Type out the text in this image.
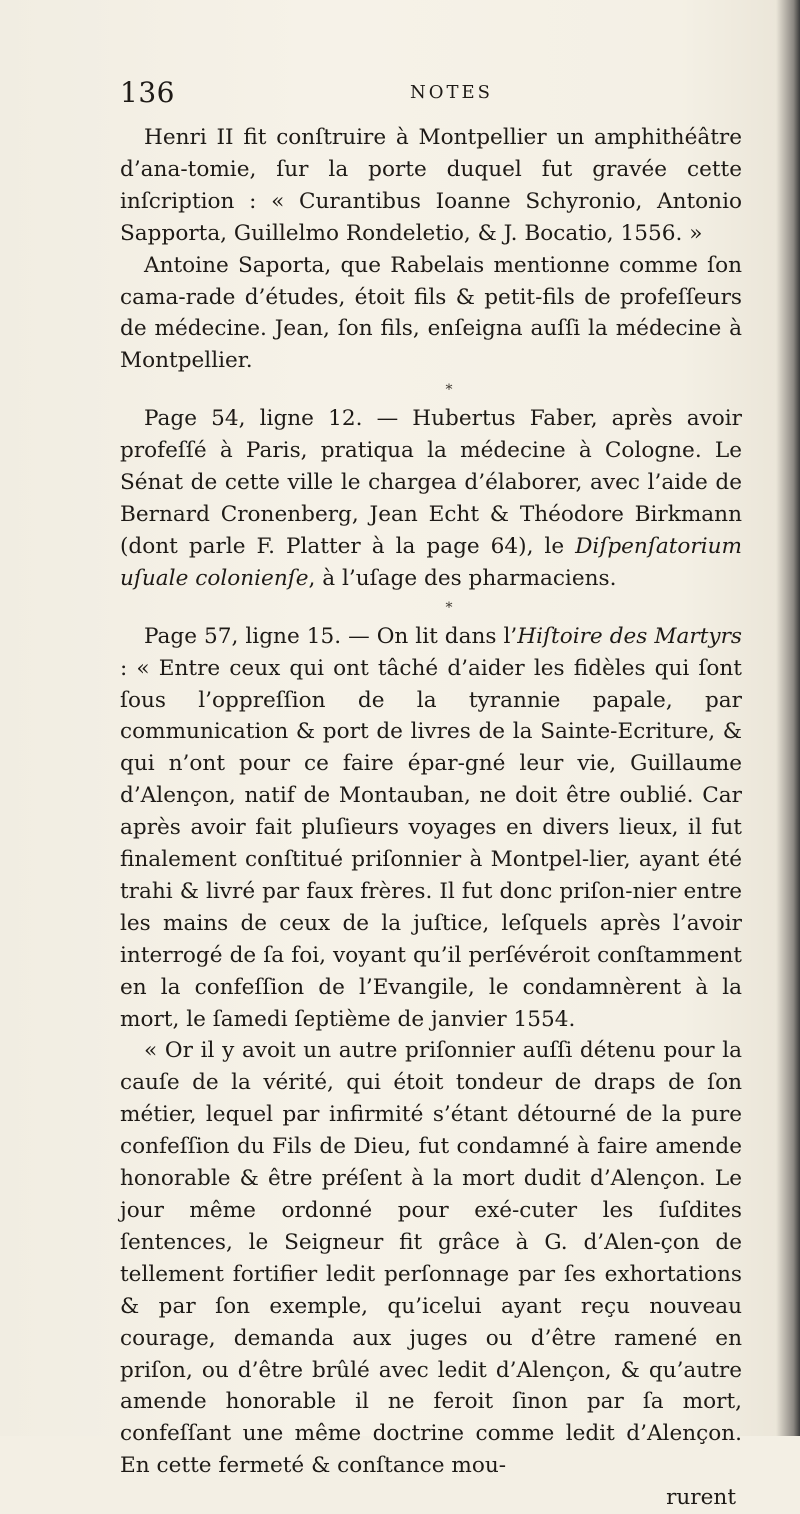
136	NOTES

Henri II fit conſtruire à Montpellier un amphithéâtre d’ana-tomie, ſur la porte duquel fut gravée cette inſcription : « Curantibus Ioanne Schyronio, Antonio Sapporta, Guillelmo Rondeletio, & J. Bocatio, 1556. »

Antoine Saporta, que Rabelais mentionne comme ſon cama-rade d’études, étoit fils & petit-fils de profeſſeurs de médecine. Jean, ſon fils, enſeigna auſſi la médecine à Montpellier.

*

Page 54, ligne 12. — Hubertus Faber, après avoir profeſſé à Paris, pratiqua la médecine à Cologne. Le Sénat de cette ville le chargea d’élaborer, avec l’aide de Bernard Cronenberg, Jean Echt & Théodore Birkmann (dont parle F. Platter à la page 64), le Diſpenſatorium uſuale colonienſe, à l’uſage des pharmaciens.

*

Page 57, ligne 15. — On lit dans l’Hiſtoire des Martyrs : « Entre ceux qui ont tâché d’aider les fidèles qui ſont ſous l’oppreſſion de la tyrannie papale, par communication & port de livres de la Sainte-Ecriture, & qui n’ont pour ce faire épar-gné leur vie, Guillaume d’Alençon, natif de Montauban, ne doit être oublié. Car après avoir fait pluſieurs voyages en divers lieux, il fut finalement conſtitué priſonnier à Montpel-lier, ayant été trahi & livré par faux frères. Il fut donc priſon-nier entre les mains de ceux de la juſtice, leſquels après l’avoir interrogé de ſa foi, voyant qu’il perſévéroit conſtamment en la confeſſion de l’Evangile, le condamnèrent à la mort, le ſamedi ſeptième de janvier 1554.

« Or il y avoit un autre priſonnier auſſi détenu pour la cauſe de la vérité, qui étoit tondeur de draps de ſon métier, lequel par infirmité s’étant détourné de la pure confeſſion du Fils de Dieu, fut condamné à faire amende honorable & être préſent à la mort dudit d’Alençon. Le jour même ordonné pour exé-cuter les ſuſdites ſentences, le Seigneur fit grâce à G. d’Alen-çon de tellement fortifier ledit perſonnage par ſes exhortations & par ſon exemple, qu’icelui ayant reçu nouveau courage, demanda aux juges ou d’être ramené en priſon, ou d’être brûlé avec ledit d’Alençon, & qu’autre amende honorable il ne feroit ſinon par ſa mort, confeſſant une même doctrine comme ledit d’Alençon. En cette fermeté & conſtance mou-

rurent
